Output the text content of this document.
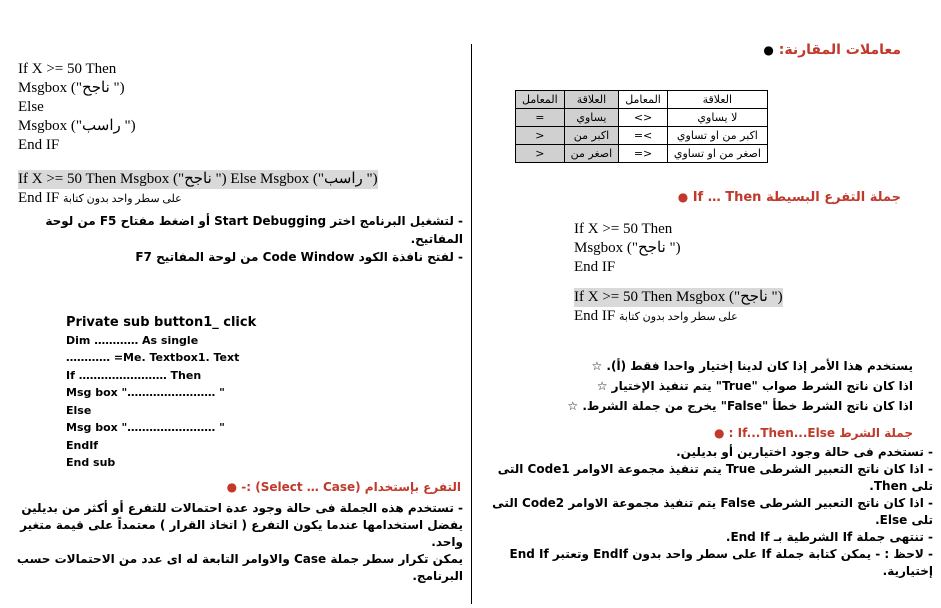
معاملات المقارنة: ●
العلاقة	المعامل	العلاقة	المعامل
لا يساوي	<>	يساوي	=
اكبر من او تساوي	>=	اكبر من	<
اصغر من او تساوي	<=	اصغر من	<
جملة التفرع البسيطة If … Then ●
If X >= 50 Then
Msgbox ("ناجح ")
End IF
If X >= 50 Then Msgbox ("ناجح ")
End IF على سطر واحد بدون كتابة
يستخدم هذا الأمر إذا كان لدينا إختيار واحدا فقط (أ). ☆
اذا كان ناتج الشرط صواب "True" يتم تنفيذ الإختيار ☆
اذا كان ناتج الشرط خطأ "False" يخرج من جملة الشرط. ☆
جملة الشرط If...Then...Else : ●
- تستخدم فى حالة وجود اختيارين أو بديلين.
- اذا كان ناتج التعبير الشرطى True يتم تنفيذ مجموعة الاوامر Code1 التى تلى Then.
- اذا كان ناتج التعبير الشرطى False يتم تنفيذ مجموعة الاوامر Code2 التى تلى Else.
- تنتهى جملة If الشرطية بـ End If.
- لاحظ : - يمكن كتابة جملة If على سطر واحد بدون EndIf وتعتبر End If إختيارية.
If X >= 50 Then
Msgbox ("ناجح ")
Else
Msgbox ("راسب ")
End IF
If X >= 50 Then Msgbox ("ناجح ") Else Msgbox ("راسب ")
End IF على سطر واحد بدون كتابة
- لتشغيل البرنامج اختر Start Debugging أو اضغط مفتاح F5 من لوحة المفاتيح.
- لفتح نافذة الكود Code Window من لوحة المفاتيح F7
Private sub button1_ click
Dim ………… As single
………… =Me. Textbox1. Text
If …………………… Then
Msg box "…………………… "
Else
Msg box "…………………… "
EndIf
End sub
التفرع بإستخدام (Select … Case) :- ●
- تستخدم هذه الجملة فى حالة وجود عدة احتمالات للتفرع أو أكثر من بديلين يفضل استخدامها عندما يكون التفرع ( اتخاذ القرار ) معتمداً على قيمة متغير واحد.
يمكن تكرار سطر جملة Case والاوامر التابعة له اى عدد من الاحتمالات حسب البرنامج.
